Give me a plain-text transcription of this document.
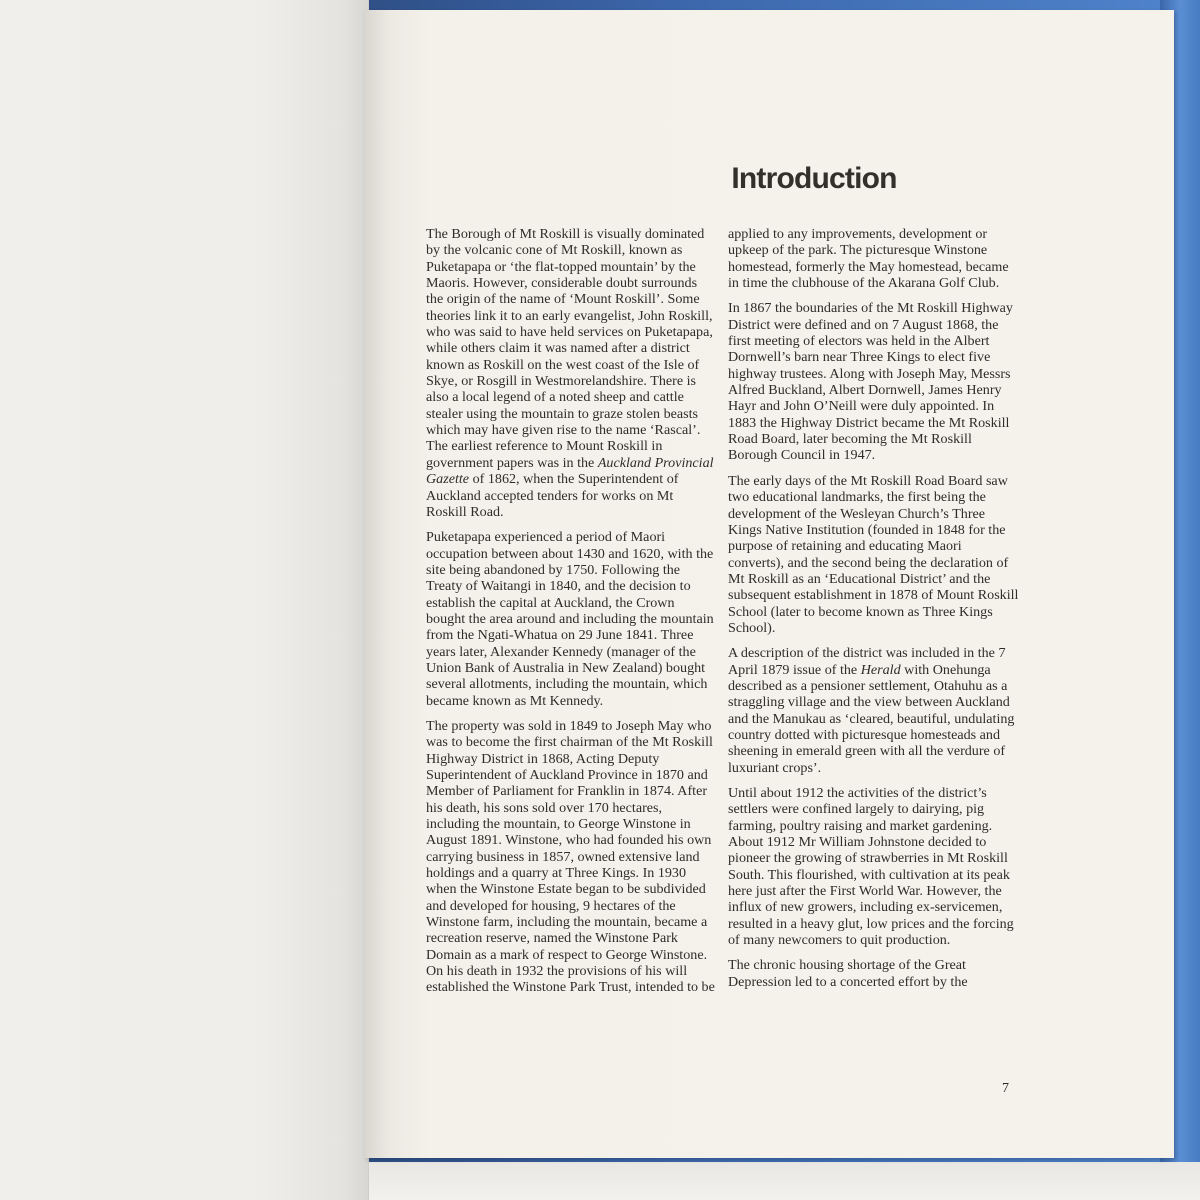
Introduction

The Borough of Mt Roskill is visually dominated by the volcanic cone of Mt Roskill, known as Puketapapa or ‘the flat-topped mountain’ by the Maoris. However, considerable doubt surrounds the origin of the name of ‘Mount Roskill’. Some theories link it to an early evangelist, John Roskill, who was said to have held services on Puketapapa, while others claim it was named after a district known as Roskill on the west coast of the Isle of Skye, or Rosgill in Westmorelandshire. There is also a local legend of a noted sheep and cattle stealer using the mountain to graze stolen beasts which may have given rise to the name ‘Rascal’. The earliest reference to Mount Roskill in government papers was in the Auckland Provincial Gazette of 1862, when the Superintendent of Auckland accepted tenders for works on Mt Roskill Road.

Puketapapa experienced a period of Maori occupation between about 1430 and 1620, with the site being abandoned by 1750. Following the Treaty of Waitangi in 1840, and the decision to establish the capital at Auckland, the Crown bought the area around and including the mountain from the Ngati-Whatua on 29 June 1841. Three years later, Alexander Kennedy (manager of the Union Bank of Australia in New Zealand) bought several allotments, including the mountain, which became known as Mt Kennedy.

The property was sold in 1849 to Joseph May who was to become the first chairman of the Mt Roskill Highway District in 1868, Acting Deputy Superintendent of Auckland Province in 1870 and Member of Parliament for Franklin in 1874. After his death, his sons sold over 170 hectares, including the mountain, to George Winstone in August 1891. Winstone, who had founded his own carrying business in 1857, owned extensive land holdings and a quarry at Three Kings. In 1930 when the Winstone Estate began to be subdivided and developed for housing, 9 hectares of the Winstone farm, including the mountain, became a recreation reserve, named the Winstone Park Domain as a mark of respect to George Winstone. On his death in 1932 the provisions of his will established the Winstone Park Trust, intended to be

applied to any improvements, development or upkeep of the park. The picturesque Winstone homestead, formerly the May homestead, became in time the clubhouse of the Akarana Golf Club.

In 1867 the boundaries of the Mt Roskill Highway District were defined and on 7 August 1868, the first meeting of electors was held in the Albert Dornwell’s barn near Three Kings to elect five highway trustees. Along with Joseph May, Messrs Alfred Buckland, Albert Dornwell, James Henry Hayr and John O’Neill were duly appointed. In 1883 the Highway District became the Mt Roskill Road Board, later becoming the Mt Roskill Borough Council in 1947.

The early days of the Mt Roskill Road Board saw two educational landmarks, the first being the development of the Wesleyan Church’s Three Kings Native Institution (founded in 1848 for the purpose of retaining and educating Maori converts), and the second being the declaration of Mt Roskill as an ‘Educational District’ and the subsequent establishment in 1878 of Mount Roskill School (later to become known as Three Kings School).

A description of the district was included in the 7 April 1879 issue of the Herald with Onehunga described as a pensioner settlement, Otahuhu as a straggling village and the view between Auckland and the Manukau as ‘cleared, beautiful, undulating country dotted with picturesque homesteads and sheening in emerald green with all the verdure of luxuriant crops’.

Until about 1912 the activities of the district’s settlers were confined largely to dairying, pig farming, poultry raising and market gardening. About 1912 Mr William Johnstone decided to pioneer the growing of strawberries in Mt Roskill South. This flourished, with cultivation at its peak here just after the First World War. However, the influx of new growers, including ex-servicemen, resulted in a heavy glut, low prices and the forcing of many newcomers to quit production.

The chronic housing shortage of the Great Depression led to a concerted effort by the

7
